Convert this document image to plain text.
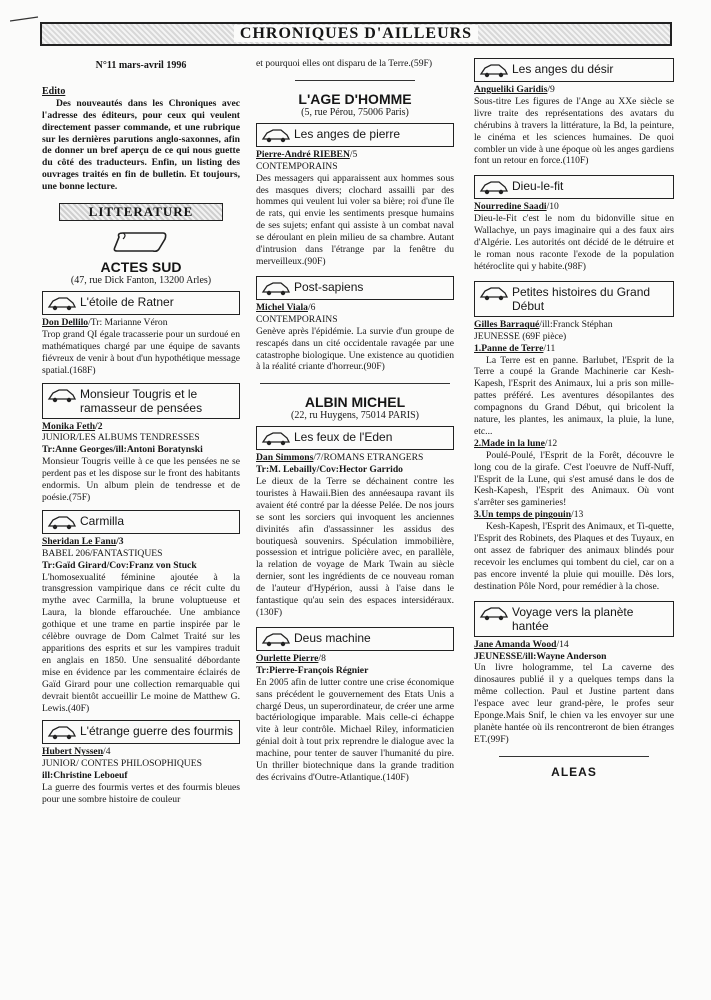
CHRONIQUES D'AILLEURS
N°11 mars-avril 1996
Edito
Des nouveautés dans les Chroniques avec l'adresse des éditeurs, pour ceux qui veulent directement passer commande, et une rubrique sur les dernières parutions anglo-saxonnes, afin de donner un bref aperçu de ce qui nous guette du côté des traducteurs. Enfin, un listing des ouvrages traités en fin de bulletin. Et toujours, une bonne lecture.
LITTERATURE
ACTES SUD
(47, rue Dick Fanton, 13200 Arles)
L'étoile de Ratner
Don Dellilo/Tr: Marianne Véron
Trop grand QI égale tracasserie pour un surdoué en mathématiques chargé par une équipe de savants fiévreux de venir à bout d'un hypothétique message spatial.(168F)
Monsieur Tougris et le ramasseur de pensées
Monika Feth/2
JUNIOR/LES ALBUMS TENDRESSES
Tr:Anne Georges/ill:Antoni Boratynski
Monsieur Tougris veille à ce que les pensées ne se perdent pas et les dispose sur le front des habitants endormis. Un album plein de tendresse et de poésie.(75F)
Carmilla
Sheridan Le Fanu/3
BABEL 206/FANTASTIQUES
Tr:Gaïd Girard/Cov:Franz von Stuck
L'homosexualité féminine ajoutée à la transgression vampirique dans ce récit culte du mythe avec Carmilla, la brune voluptueuse et Laura, la blonde effarouchée. Une ambiance gothique et une trame en partie inspirée par le célèbre ouvrage de Dom Calmet Traité sur les apparitions des esprits et sur les vampires traduit en anglais en 1850. Une sensualité débordante mise en évidence par les commentaire éclairés de Gaïd Girard pour une collection remarquable qui devrait bientôt accueillir Le moine de Matthew G. Lewis.(40F)
L'étrange guerre des fourmis
Hubert Nyssen/4
JUNIOR/ CONTES PHILOSOPHIQUES
ill:Christine Leboeuf
La guerre des fourmis vertes et des fourmis bleues pour une sombre histoire de couleur
et pourquoi elles ont disparu de la Terre.(59F)
L'AGE D'HOMME
(5, rue Pérou, 75006 Paris)
Les anges de pierre
Pierre-André RIEBEN/5
CONTEMPORAINS
Des messagers qui apparaissent aux hommes sous des masques divers; clochard assailli par des hommes qui veulent lui voler sa bière; roi d'une île de rats, qui envie les sentiments presque humains de ses sujets; enfant qui assiste à un combat naval se déroulant en plein milieu de sa chambre. Autant d'intrusion dans l'étrange par la fenêtre du merveilleux.(90F)
Post-sapiens
Michel Viala/6
CONTEMPORAINS
Genève après l'épidémie. La survie d'un groupe de rescapés dans un cité occidentale ravagée par une catastrophe biologique. Une existence au quotidien à la réalité criante d'horreur.(90F)
ALBIN MICHEL
(22, ru Huygens, 75014 PARIS)
Les feux de l'Eden
Dan Simmons/7/ROMANS ETRANGERS
Tr:M. Lebailly/Cov:Hector Garrido
Le dieux de la Terre se déchainent contre les touristes à Hawaii.Bien des annéesaupa ravant ils avaient été contré par la déesse Pelée. De nos jours se sont les sorciers qui invoquent les anciennes divinités afin d'assassinner les assidus des boutiquesà souvenirs. Spéculation immobilière, possession et intrigue policière avec, en parallèle, la relation de voyage de Mark Twain au siècle dernier, sont les ingrédients de ce nouveau roman de l'auteur d'Hypérion, aussi à l'aise dans le fantastique qu'au sein des espaces intersidéraux.(130F)
Deus machine
Ourlette Pierre/8
Tr:Pierre-François Régnier
En 2005 afin de lutter contre une crise économique sans précédent le gouvernement des Etats Unis a chargé Deus, un superordinateur, de créer une arme bactériologique imparable. Mais celle-ci échappe vite à leur contrôle. Michael Riley, informaticien génial doit à tout prix reprendre le dialogue avec la machine, pour tenter de sauver l'humanité du pire. Un thriller biotechnique dans la grande tradition des écrivains d'Outre-Atlantique.(140F)
Les anges du désir
Angueliki Garidis/9
Sous-titre Les figures de l'Ange au XXe siècle se livre traite des représentations des avatars du chérubins à travers la littérature, la Bd, la peinture, le cinéma et les sciences humaines. De quoi combler un vide à une époque où les anges gardiens font un retour en force.(110F)
Dieu-le-fit
Nourredine Saadi/10
Dieu-le-Fit c'est le nom du bidonville situe en Wallachye, un pays imaginaire qui a des faux airs d'Algérie. Les autorités ont décidé de le détruire et le roman nous raconte l'exode de la population hétéroclite qui y habite.(98F)
Petites histoires du Grand Début
Gilles Barraqué/ill:Franck Stéphan
JEUNESSE (69F pièce)
1.Panne de Terre/11
La Terre est en panne. Barlubet, l'Esprit de la Terre a coupé la Grande Machinerie car Kesh-Kapesh, l'Esprit des Animaux, lui a pris son mille-pattes préféré. Les aventures désopilantes des compagnons du Grand Début, qui bricolent la nature, les plantes, les animaux, la pluie, la lune, etc...
2.Made in la lune/12
Poulé-Poulé, l'Esprit de la Forêt, découvre le long cou de la girafe. C'est l'oeuvre de Nuff-Nuff, l'Esprit de la Lune, qui s'est amusé dans le dos de Kesh-Kapesh, l'Esprit des Animaux. Où vont s'arrêter ses gamineries!
3.Un temps de pingouin/13
Kesh-Kapesh, l'Esprit des Animaux, et Ti-quette, l'Esprit des Robinets, des Plaques et des Tuyaux, en ont assez de fabriquer des animaux blindés pour recevoir les enclumes qui tombent du ciel, car on a pas encore inventé la pluie qui mouille. Dès lors, destination Pôle Nord, pour remédier à la chose.
Voyage vers la planète hantée
Jane Amanda Wood/14
JEUNESSE/ill:Wayne Anderson
Un livre hologramme, tel La caverne des dinosaures publié il y a quelques temps dans la même collection. Paul et Justine partent dans l'espace avec leur grand-père, le profes seur Eponge.Mais Snif, le chien va les envoyer sur une planète hantée où ils rencontreront de bien étranges ET.(99F)
ALEAS
